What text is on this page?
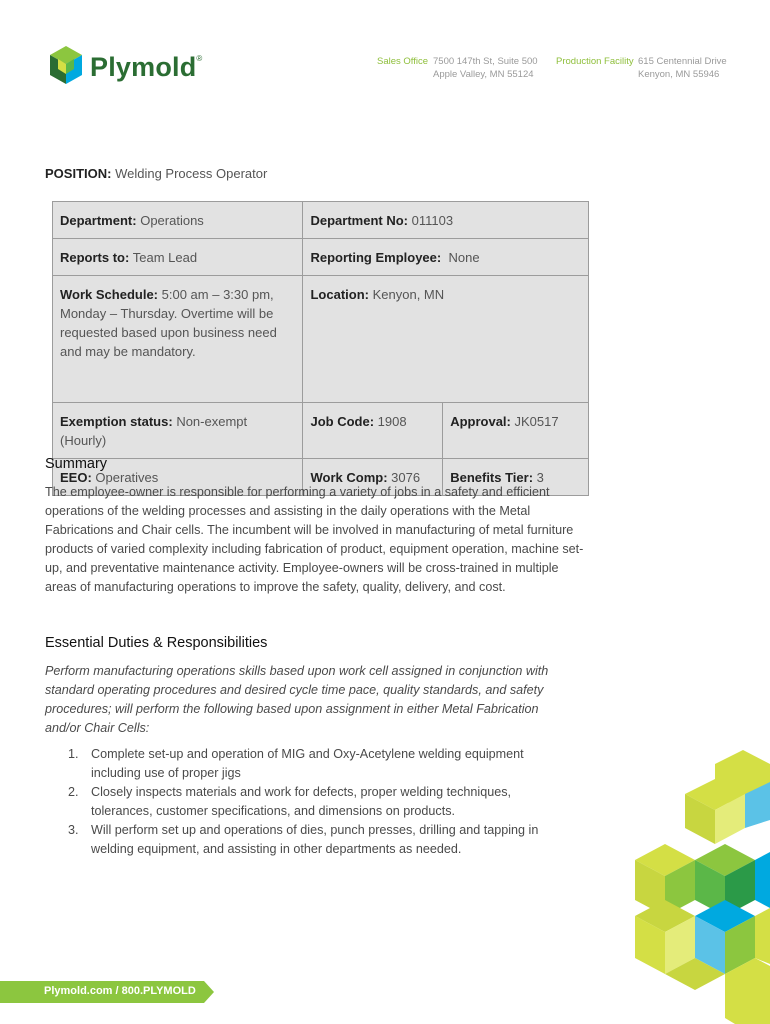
Plymold®	Sales Office 7500 147th St, Suite 500
Apple Valley, MN 55124
Production Facility 615 Centennial Drive
Kenyon, MN 55946
POSITION: Welding Process Operator
Department: Operations	Department No: 011103	
Reports to: Team Lead	Reporting Employee: None	
Work Schedule: 5:00 am – 3:30 pm, Monday – Thursday. Overtime will be requested based upon business need and may be mandatory.	Location: Kenyon, MN	
Exemption status: Non-exempt (Hourly)	Job Code: 1908	Approval: JK0517
EEO: Operatives	Work Comp: 3076	Benefits Tier: 3
Summary

The employee-owner is responsible for performing a variety of jobs in a safety and efficient operations of the welding processes and assisting in the daily operations with the Metal Fabrications and Chair cells. The incumbent will be involved in manufacturing of metal furniture products of varied complexity including fabrication of product, equipment operation, machine set-up, and preventative maintenance activity. Employee-owners will be cross-trained in multiple areas of manufacturing operations to improve the safety, quality, delivery, and cost.

Essential Duties & Responsibilities

Perform manufacturing operations skills based upon work cell assigned in conjunction with standard operating procedures and desired cycle time pace, quality standards, and safety procedures; will perform the following based upon assignment in either Metal Fabrication and/or Chair Cells:

1. Complete set-up and operation of MIG and Oxy-Acetylene welding equipment including use of proper jigs
2. Closely inspects materials and work for defects, proper welding techniques, tolerances, customer specifications, and dimensions on products.
3. Will perform set up and operations of dies, punch presses, drilling and tapping in welding equipment, and assisting in other departments as needed.
Plymold.com / 800.PLYMOLD
